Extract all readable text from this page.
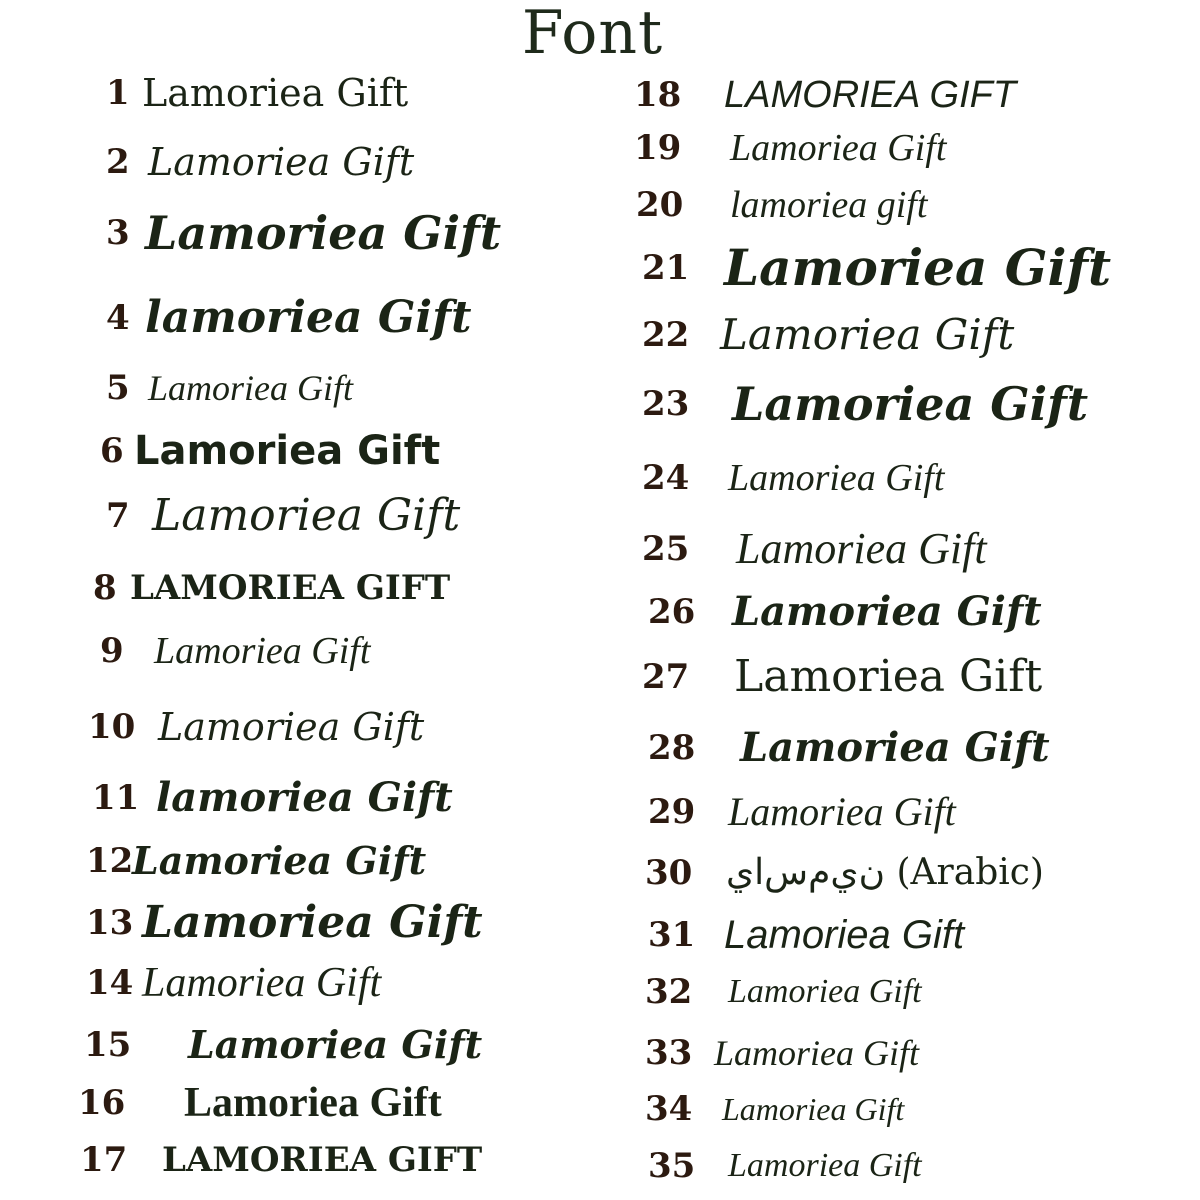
Font
1 Lamoriea Gift
2 Lamoriea Gift
3 Lamoriea Gift
4 lamoriea Gift
5 Lamoriea Gift
6 Lamoriea Gift
7 Lamoriea Gift
8 LAMORIEA GIFT
9 Lamoriea Gift
10 Lamoriea Gift
11 lamoriea Gift
12
Lamoriea Gift
13 Lamoriea Gift
14 Lamoriea Gift
15 Lamoriea Gift
16 Lamoriea Gift
17 LAMORIEA GIFT
18 LAMORIEA GIFT
19 Lamoriea Gift
20 lamoriea gift
21 Lamoriea Gift
22 Lamoriea Gift
23 Lamoriea Gift
24 Lamoriea Gift
25 Lamoriea Gift
26 Lamoriea Gift
27 Lamoriea Gift
28 Lamoriea Gift
29 Lamoriea Gift
30 ﻥﻱﻡﺱﺍﻱ (Arabic)
31 Lamoriea Gift
32 Lamoriea Gift
33 Lamoriea Gift
34 Lamoriea Gift
35 Lamoriea Gift
